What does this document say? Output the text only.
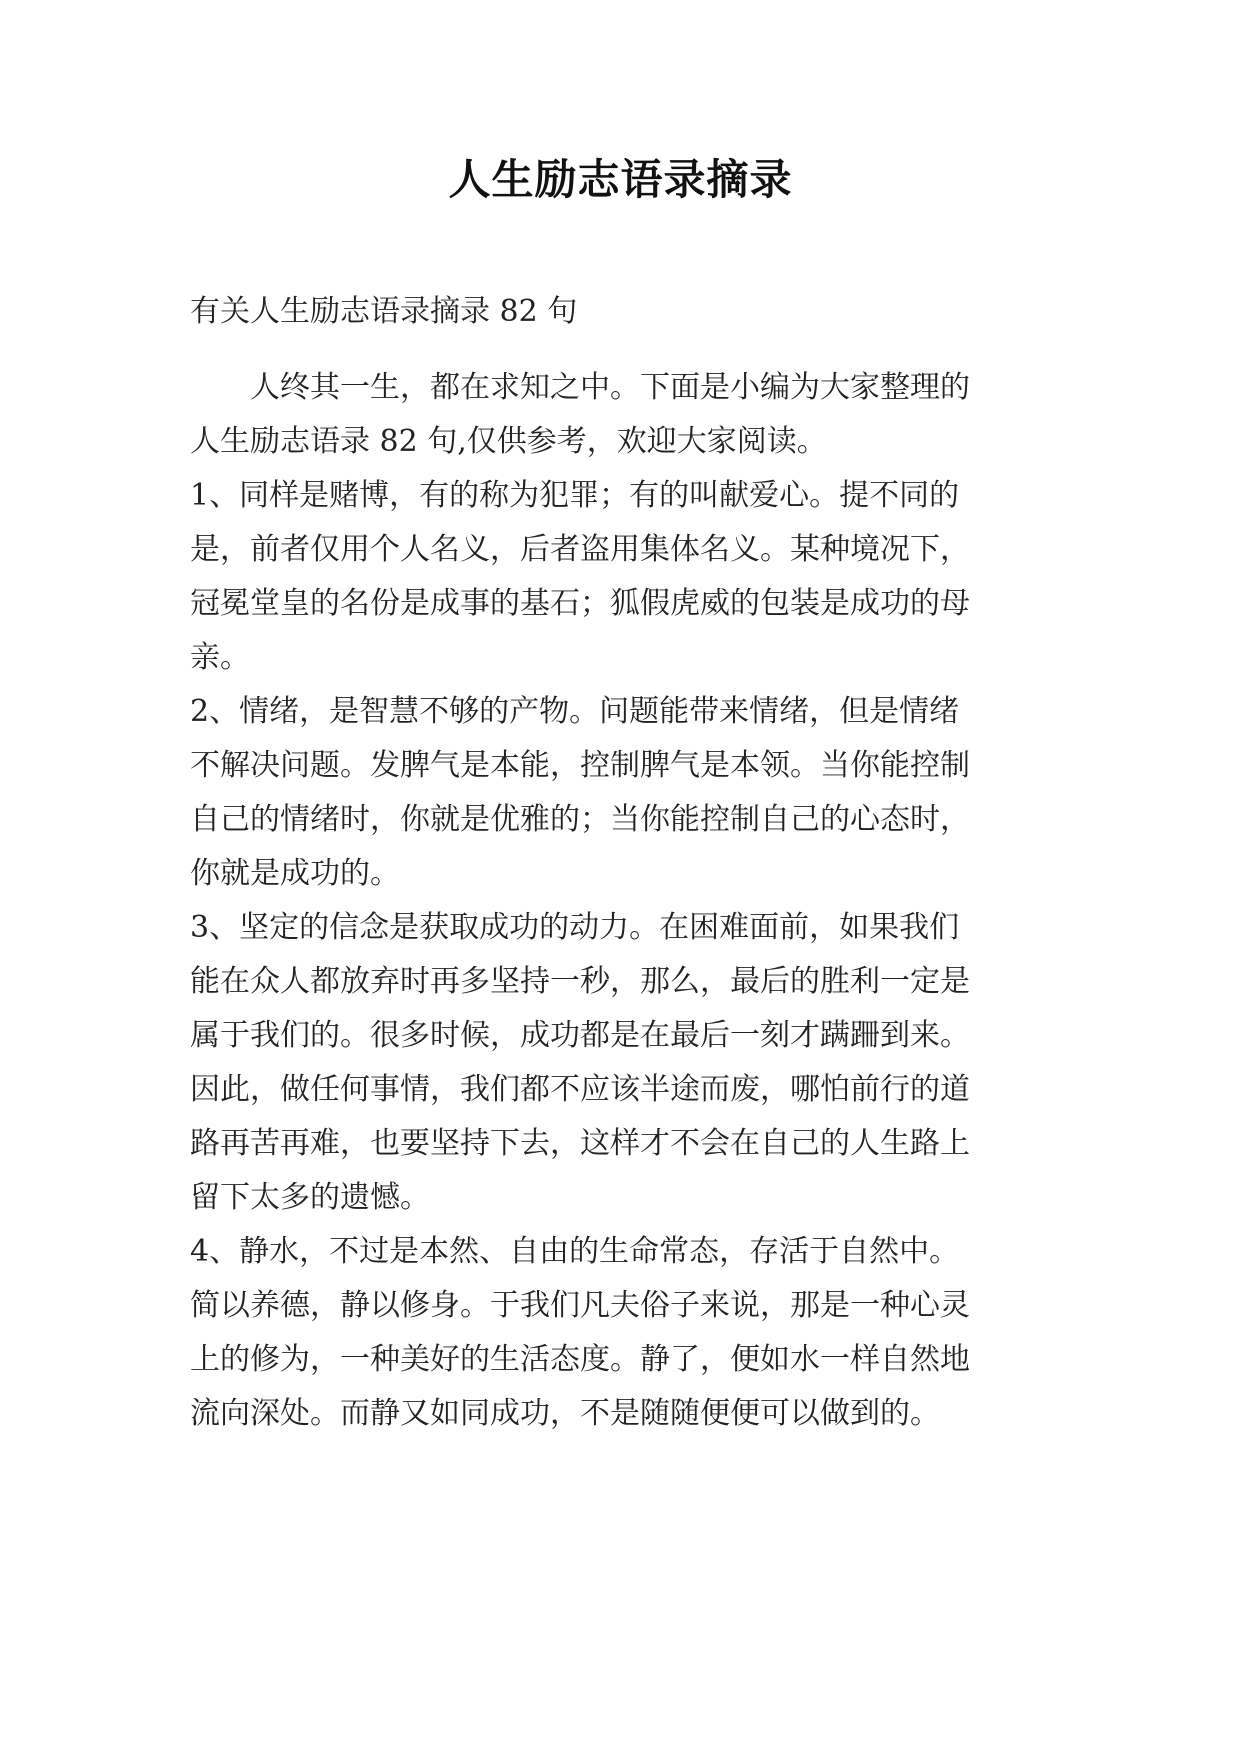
人生励志语录摘录
有关人生励志语录摘录 82 句
人终其一生，都在求知之中。下面是小编为大家整理的
人生励志语录 82 句,仅供参考，欢迎大家阅读。
1、同样是赌博，有的称为犯罪；有的叫献爱心。提不同的
是，前者仅用个人名义，后者盗用集体名义。某种境况下，
冠冕堂皇的名份是成事的基石；狐假虎威的包装是成功的母
亲。
2、情绪，是智慧不够的产物。问题能带来情绪，但是情绪
不解决问题。发脾气是本能，控制脾气是本领。当你能控制
自己的情绪时，你就是优雅的；当你能控制自己的心态时，
你就是成功的。
3、坚定的信念是获取成功的动力。在困难面前，如果我们
能在众人都放弃时再多坚持一秒，那么，最后的胜利一定是
属于我们的。很多时候，成功都是在最后一刻才蹒跚到来。
因此，做任何事情，我们都不应该半途而废，哪怕前行的道
路再苦再难，也要坚持下去，这样才不会在自己的人生路上
留下太多的遗憾。
4、静水，不过是本然、自由的生命常态，存活于自然中。
简以养德，静以修身。于我们凡夫俗子来说，那是一种心灵
上的修为，一种美好的生活态度。静了，便如水一样自然地
流向深处。而静又如同成功，不是随随便便可以做到的。
